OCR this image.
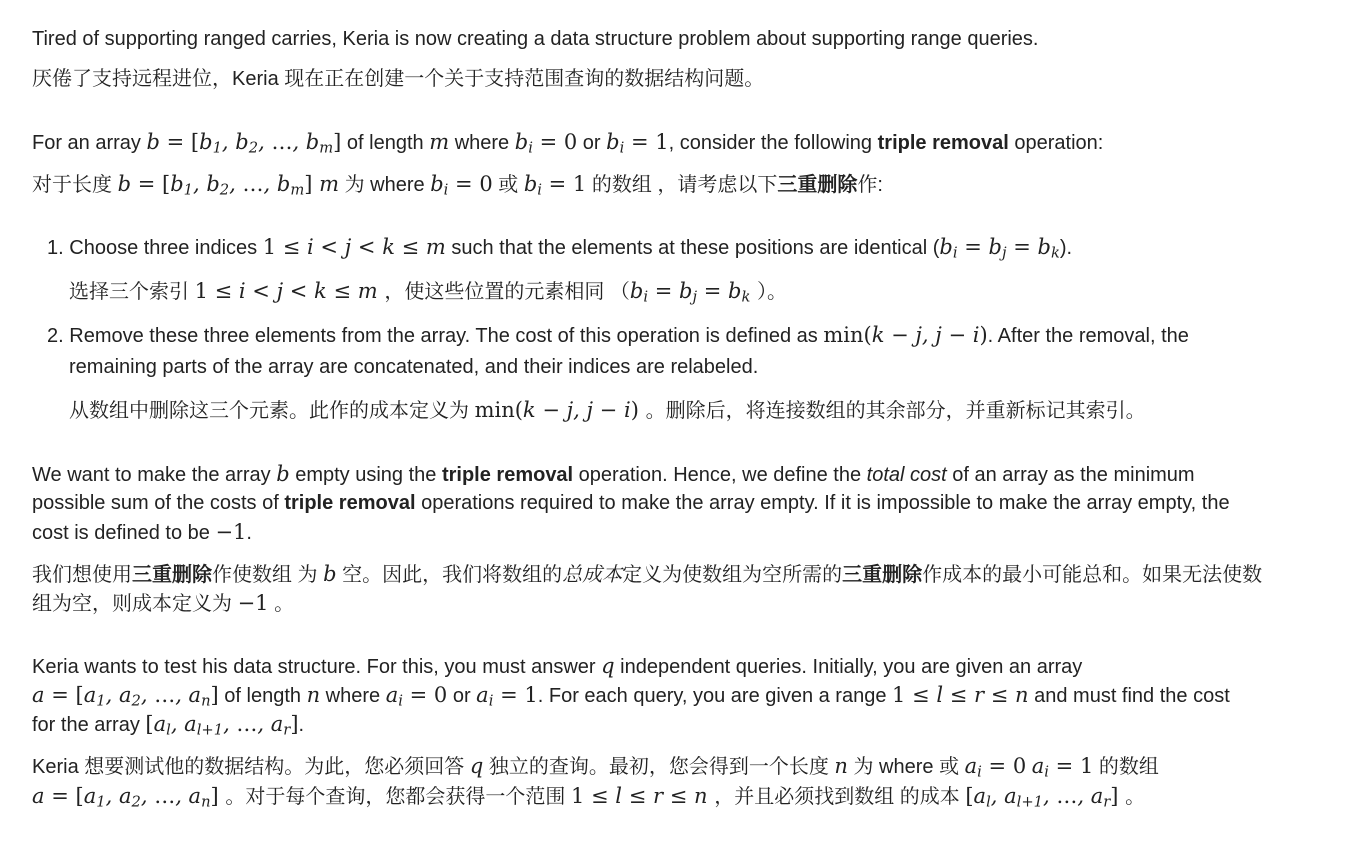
Tired of supporting ranged carries, Keria is now creating a data structure problem about supporting range queries.
厌倦了支持远程进位，Keria 现在正在创建一个关于支持范围查询的数据结构问题。
For an array $b = [b_1$, $b_2$, …, $b_m$] of length m where $b_i = 0$ or $b_i = 1$, consider the following triple removal operation:
对于长度 $b = [b_1$, $b_2$, …, $b_m$] m 为 where $b_i = 0$ 或 $b_i = 1$ 的数组 ，请考虑以下三重删除作:
1. Choose three indices 1 ≤ i < j < k ≤ m such that the elements at these positions are identical $(b_i = b_j = b_k)$.
选择三个索引 1 ≤ i < j < k ≤ m ，使这些位置的元素相同 （$b_i = b_j = b_k$ ）。
2. Remove these three elements from the array. The cost of this operation is defined as min(k − j, j − i). After the removal, the
remaining parts of the array are concatenated, and their indices are relabeled.
从数组中删除这三个元素。此作的成本定义为 min(k − j, j − i) 。删除后，将连接数组的其余部分，并重新标记其索引。
We want to make the array b empty using the triple removal operation. Hence, we define the total cost of an array as the minimum
possible sum of the costs of triple removal operations required to make the array empty. If it is impossible to make the array empty, the
cost is defined to be −1.
我们想使用三重删除作使数组 为 b 空。因此，我们将数组的总成本定义为使数组为空所需的三重删除作成本的最小可能总和。如果无法使数
组为空，则成本定义为 −1 。
Keria wants to test his data structure. For this, you must answer q independent queries. Initially, you are given an array
$a = [a_1$, $a_2$, …, $a_n$] of length n where $a_i = 0$ or $a_i = 1$. For each query, you are given a range 1 ≤ l ≤ r ≤ n and must find the cost
for the array [$a_l$, $a_{l+1}$, …, $a_r$].
Keria 想要测试他的数据结构。为此，您必须回答 q 独立的查询。最初，您会得到一个长度 n 为 where 或 $a_i = 0$ $a_i = 1$ 的数组
$a = [a_1$, $a_2$, …, $a_n$] 。对于每个查询，您都会获得一个范围 1 ≤ l ≤ r ≤ n ，并且必须找到数组 的成本 [$a_l$, $a_{l+1}$, …, $a_r$] 。
